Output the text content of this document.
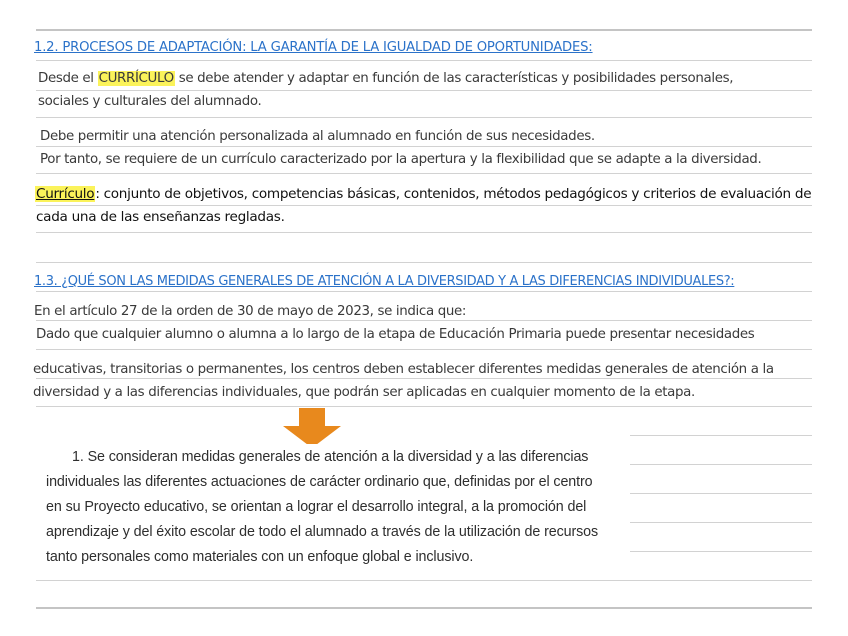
1.2. PROCESOS DE ADAPTACIÓN: LA GARANTÍA DE LA IGUALDAD DE OPORTUNIDADES:
Desde el CURRÍCULO se debe atender y adaptar en función de las características y posibilidades personales,
sociales y culturales del alumnado.
Debe permitir una atención personalizada al alumnado en función de sus necesidades.
Por tanto, se requiere de un currículo caracterizado por la apertura y la flexibilidad que se adapte a la diversidad.
Currículo: conjunto de objetivos, competencias básicas, contenidos, métodos pedagógicos y criterios de evaluación de
cada una de las enseñanzas regladas.
1.3. ¿QUÉ SON LAS MEDIDAS GENERALES DE ATENCIÓN A LA DIVERSIDAD Y A LAS DIFERENCIAS INDIVIDUALES?:
En el artículo 27 de la orden de 30 de mayo de 2023, se indica que:
Dado que cualquier alumno o alumna a lo largo de la etapa de Educación Primaria puede presentar necesidades
educativas, transitorias o permanentes, los centros deben establecer diferentes medidas generales de atención a la
diversidad y a las diferencias individuales, que podrán ser aplicadas en cualquier momento de la etapa.
1. Se consideran medidas generales de atención a la diversidad y a las diferencias
individuales las diferentes actuaciones de carácter ordinario que, definidas por el centro
en su Proyecto educativo, se orientan a lograr el desarrollo integral, a la promoción del
aprendizaje y del éxito escolar de todo el alumnado a través de la utilización de recursos
tanto personales como materiales con un enfoque global e inclusivo.
